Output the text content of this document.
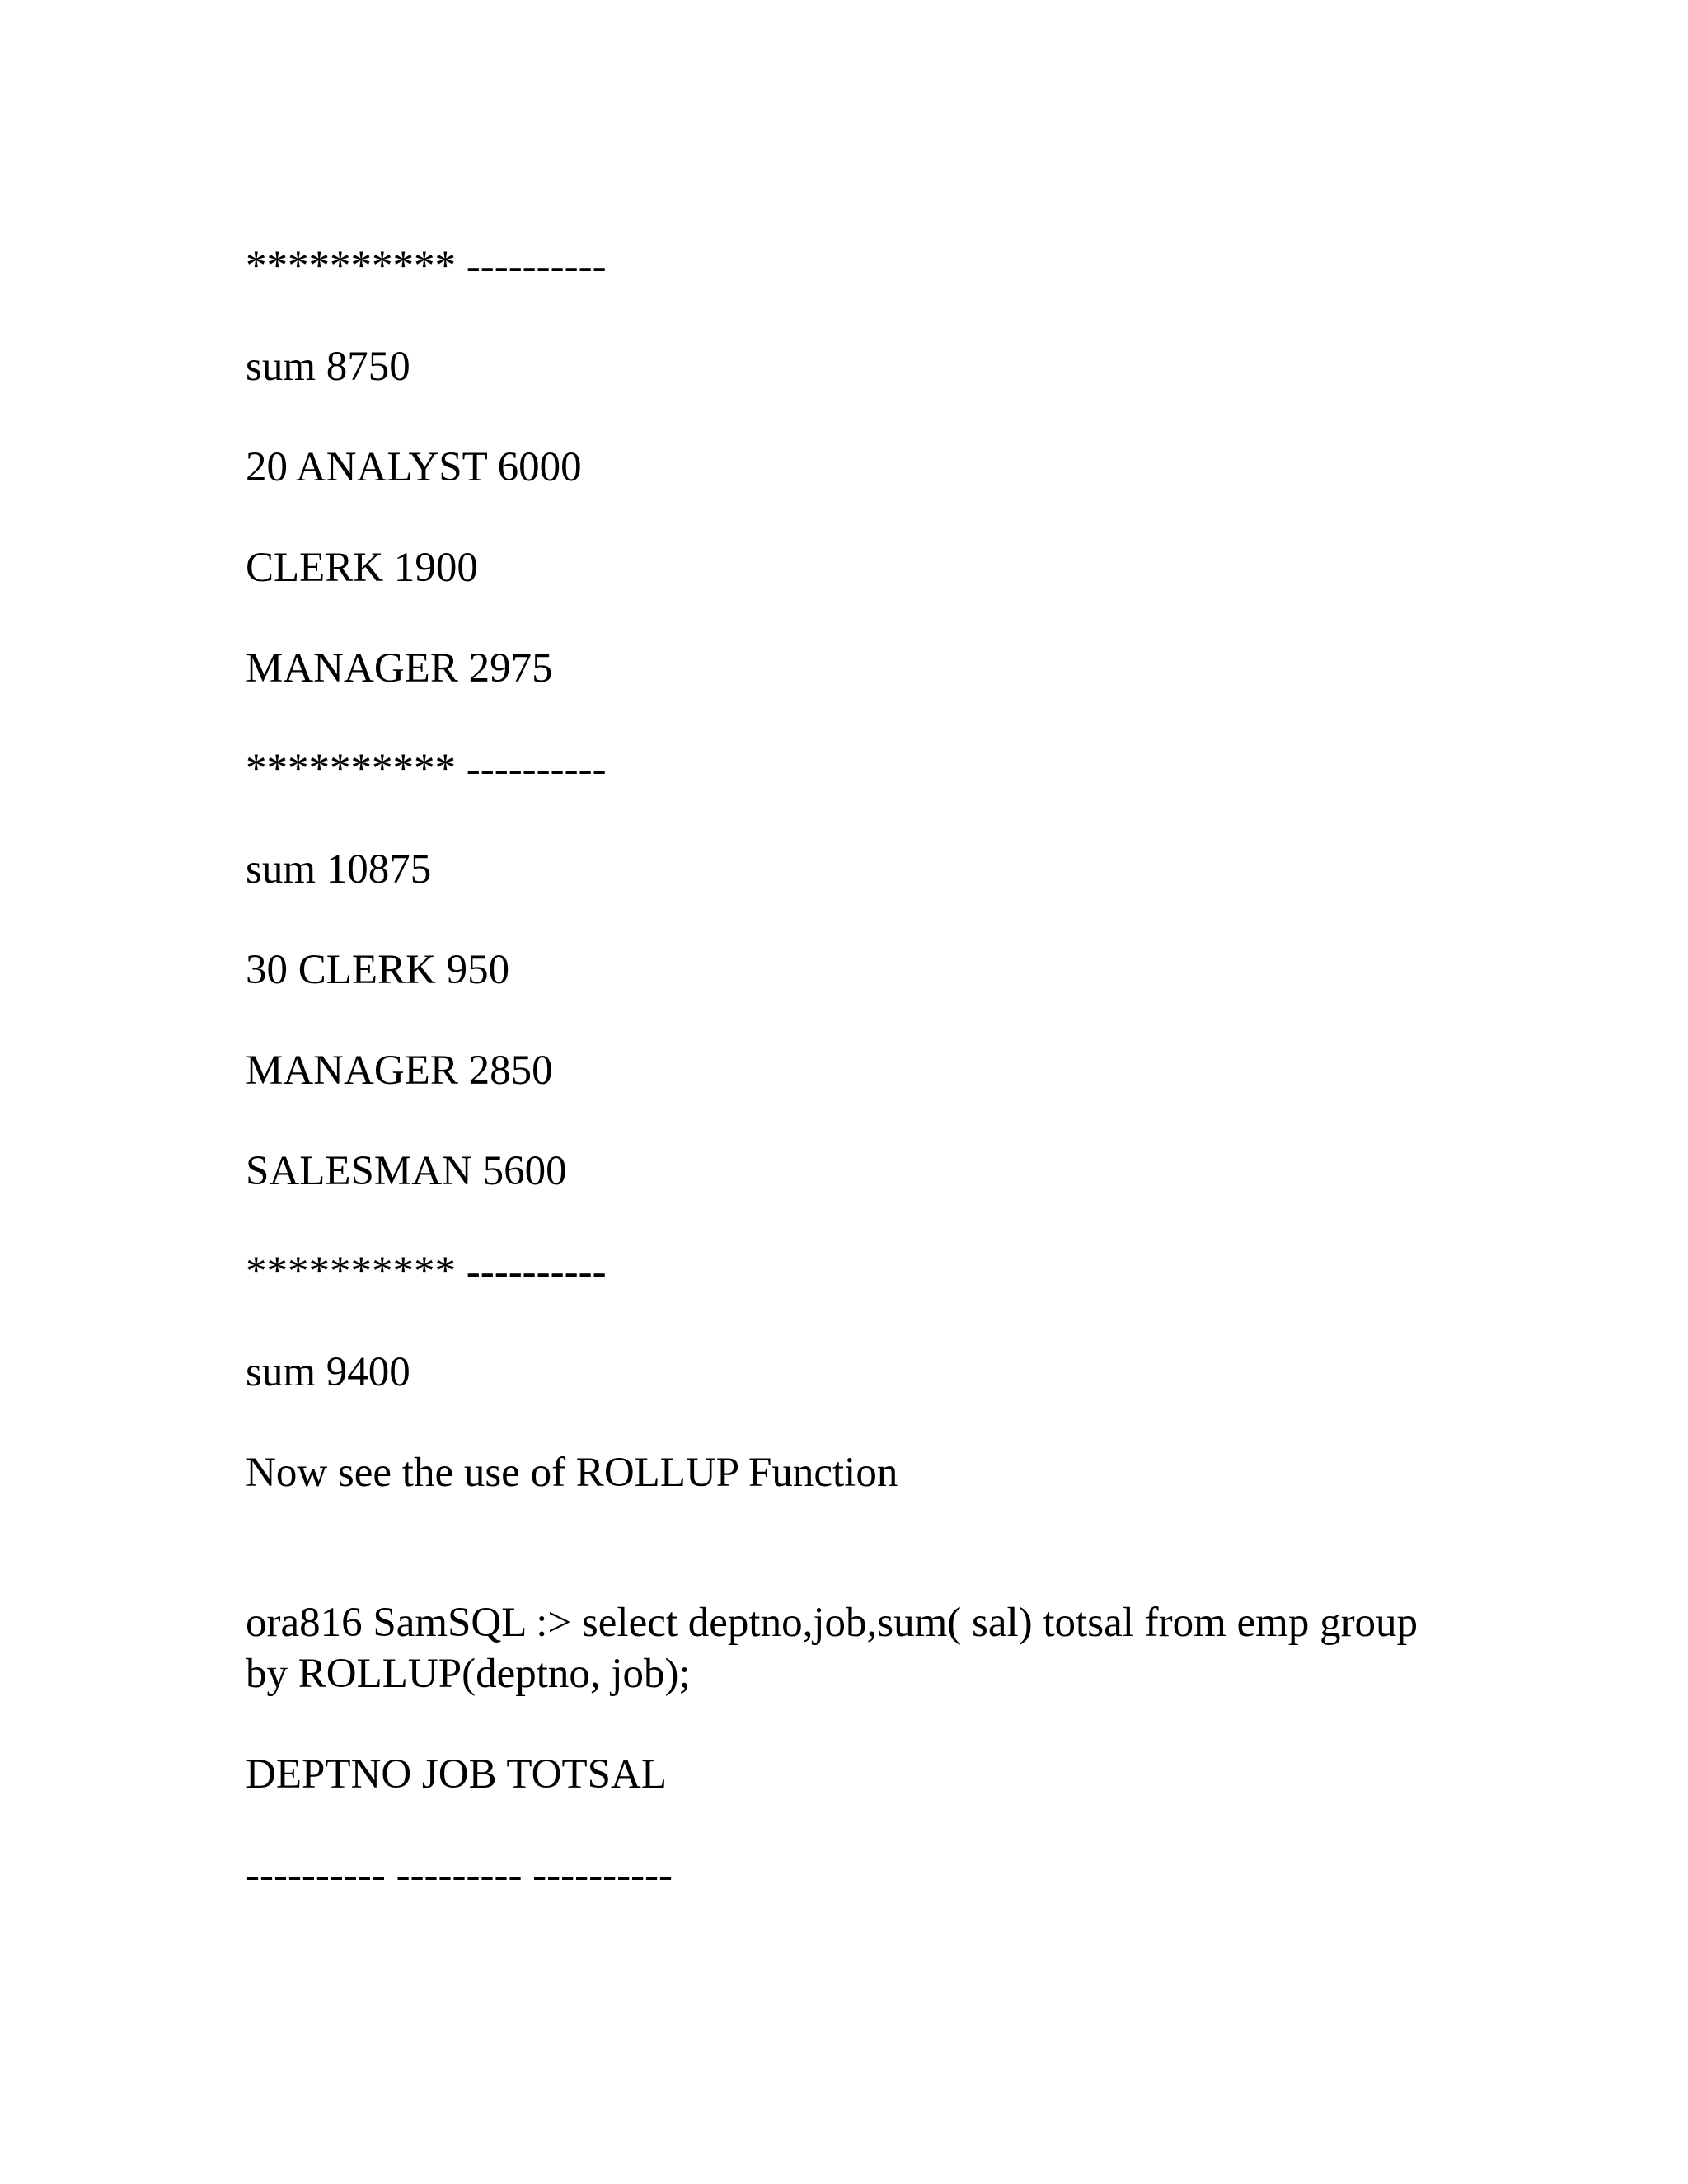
********** ----------

sum 8750

20 ANALYST 6000

CLERK 1900

MANAGER 2975

********** ----------

sum 10875

30 CLERK 950

MANAGER 2850

SALESMAN 5600

********** ----------

sum 9400

Now see the use of ROLLUP Function

ora816 SamSQL :> select deptno,job,sum( sal) totsal from emp group by ROLLUP(deptno, job);

DEPTNO JOB TOTSAL

---------- --------- ----------
